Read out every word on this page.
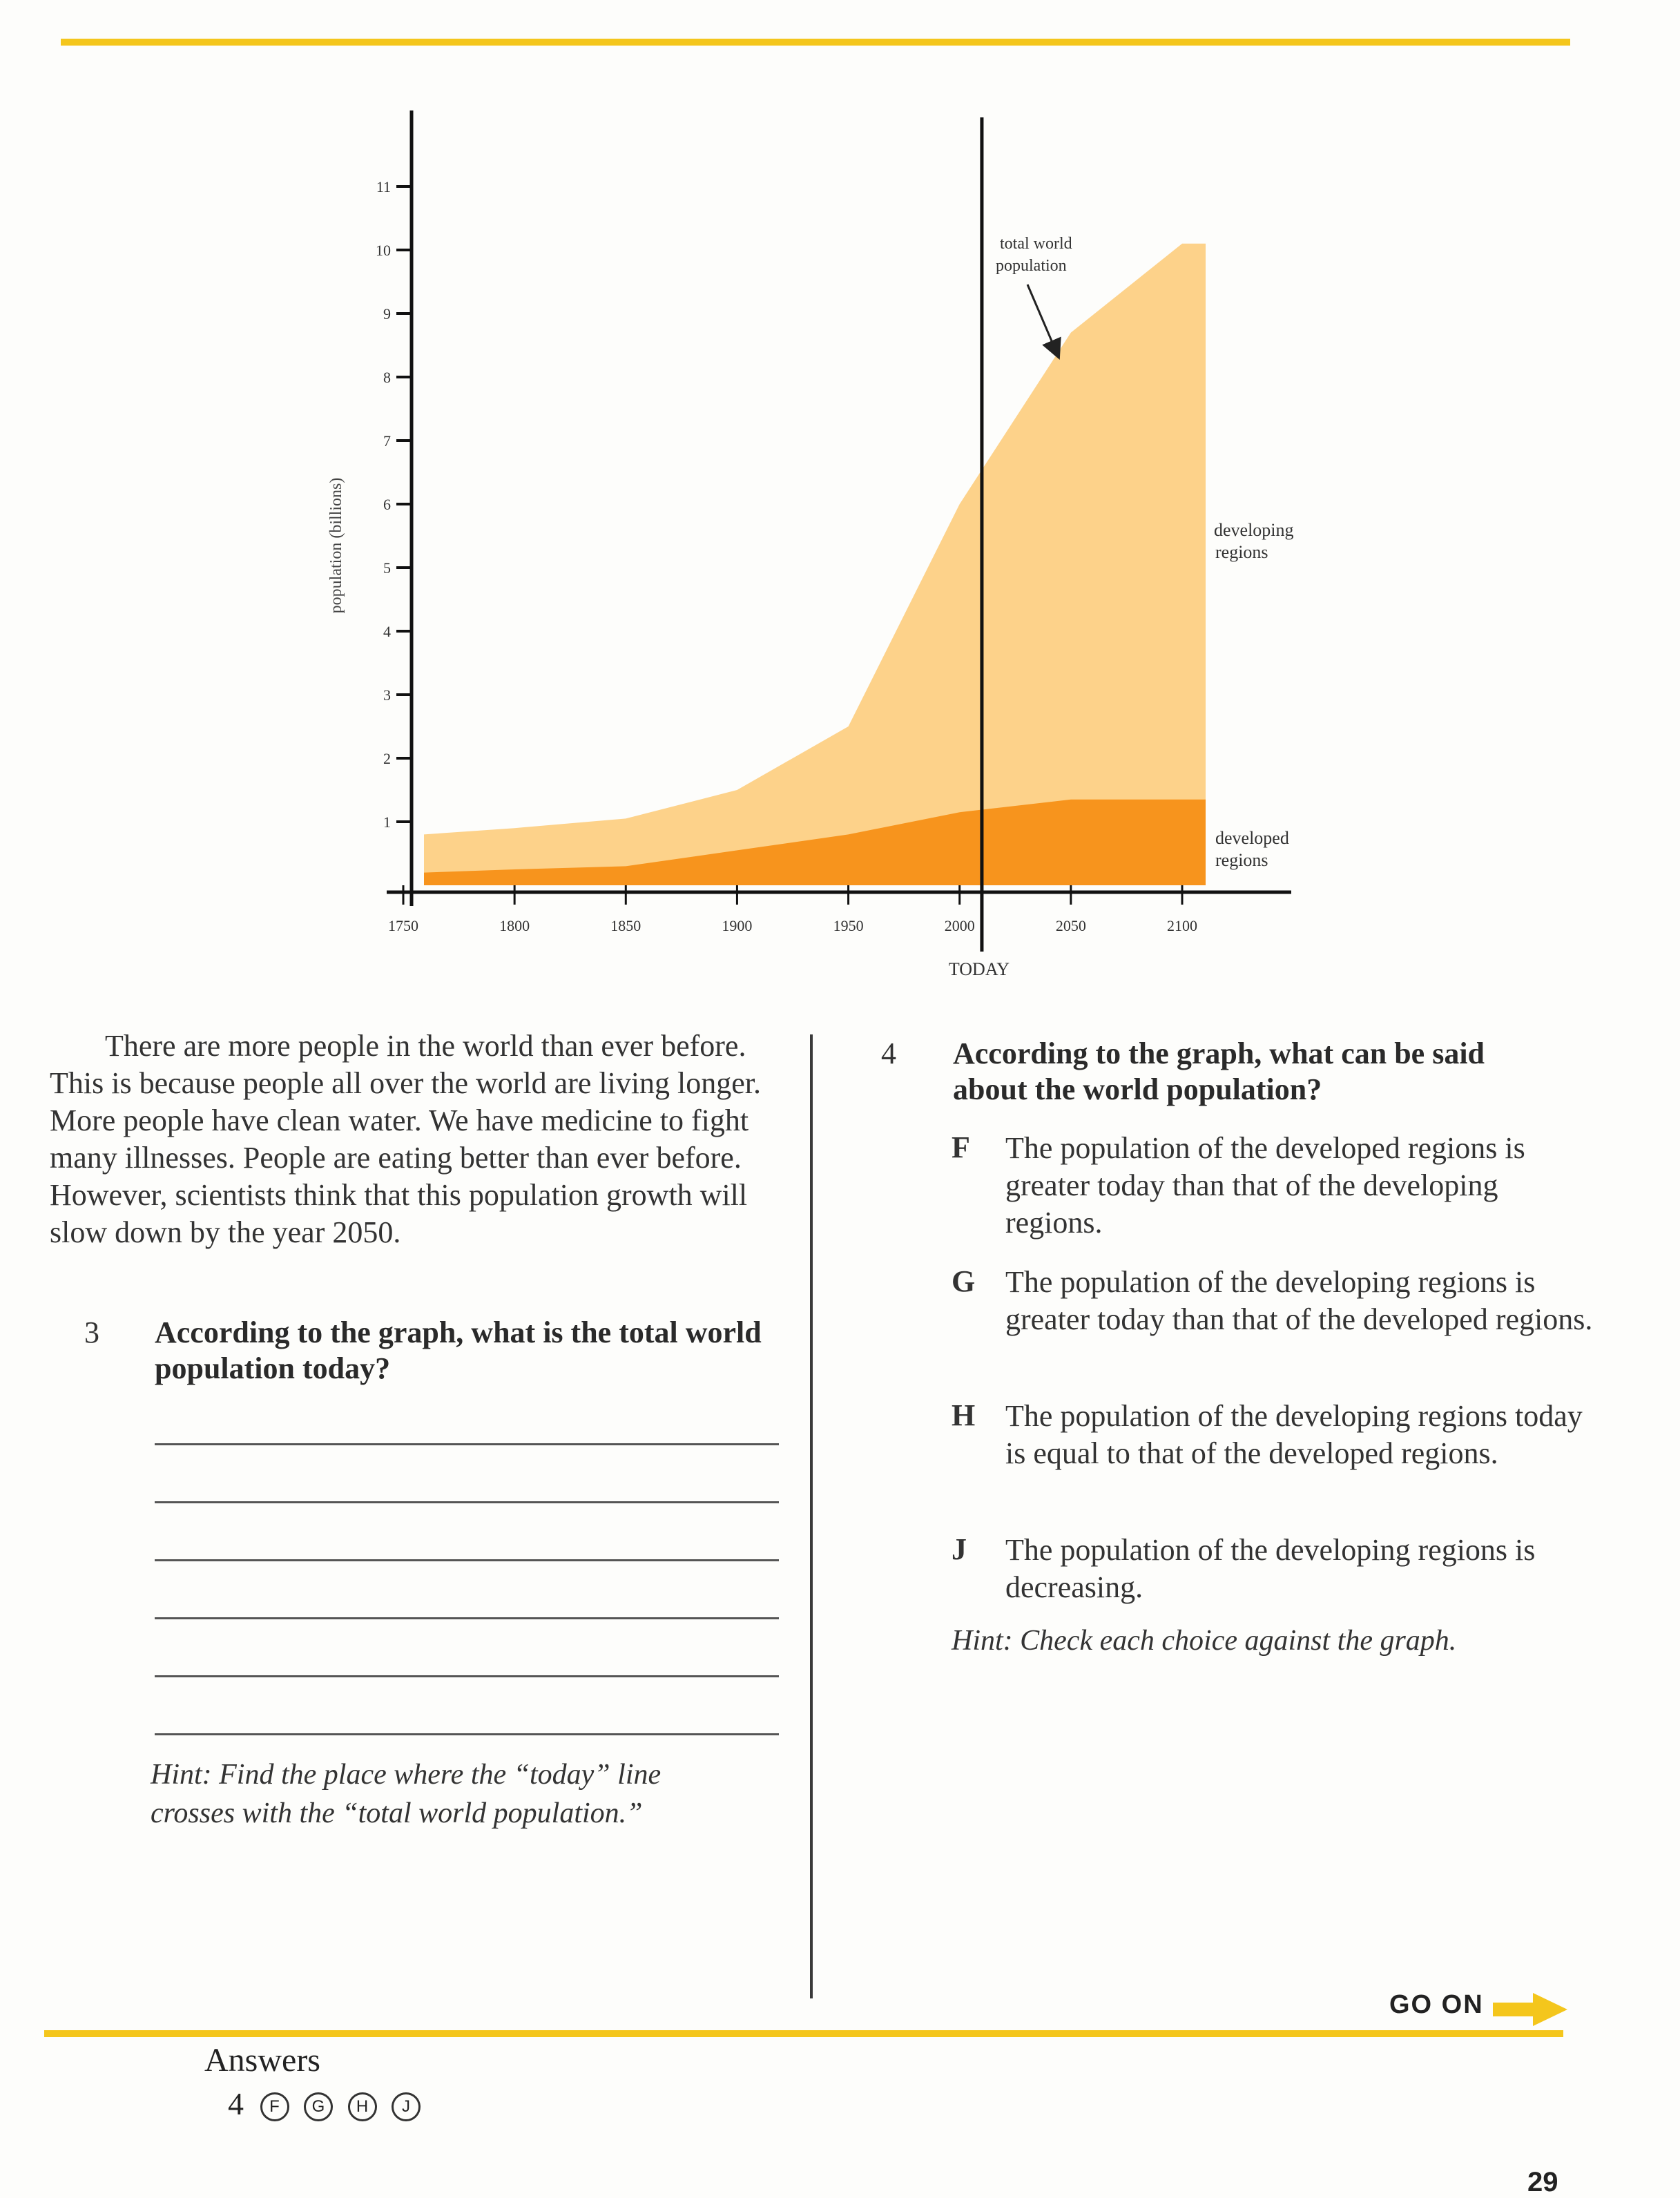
1
2
3
4
5
6
7
8
9
10
11
1750	1800	1850	1900	1950	2000	2050	2100
TODAY
total world
population
developing
regions
developed
regions
population (billions)

There are more people in the world than ever before. This is because people all over the world are living longer. More people have clean water. We have medicine to fight many illnesses. People are eating better than ever before. However, scientists think that this population growth will slow down by the year 2050.

3 According to the graph, what is the total world population today?
Hint: Find the place where the “today” line crosses with the “total world population.”
4 According to the graph, what can be said about the world population?
F The population of the developed regions is greater today than that of the developing regions.
G The population of the developing regions is greater today than that of the developed regions.
H The population of the developing regions today is equal to that of the developed regions.
J The population of the developing regions is decreasing.
Hint: Check each choice against the graph.
GO ON
Answers
4 F G H J
29
